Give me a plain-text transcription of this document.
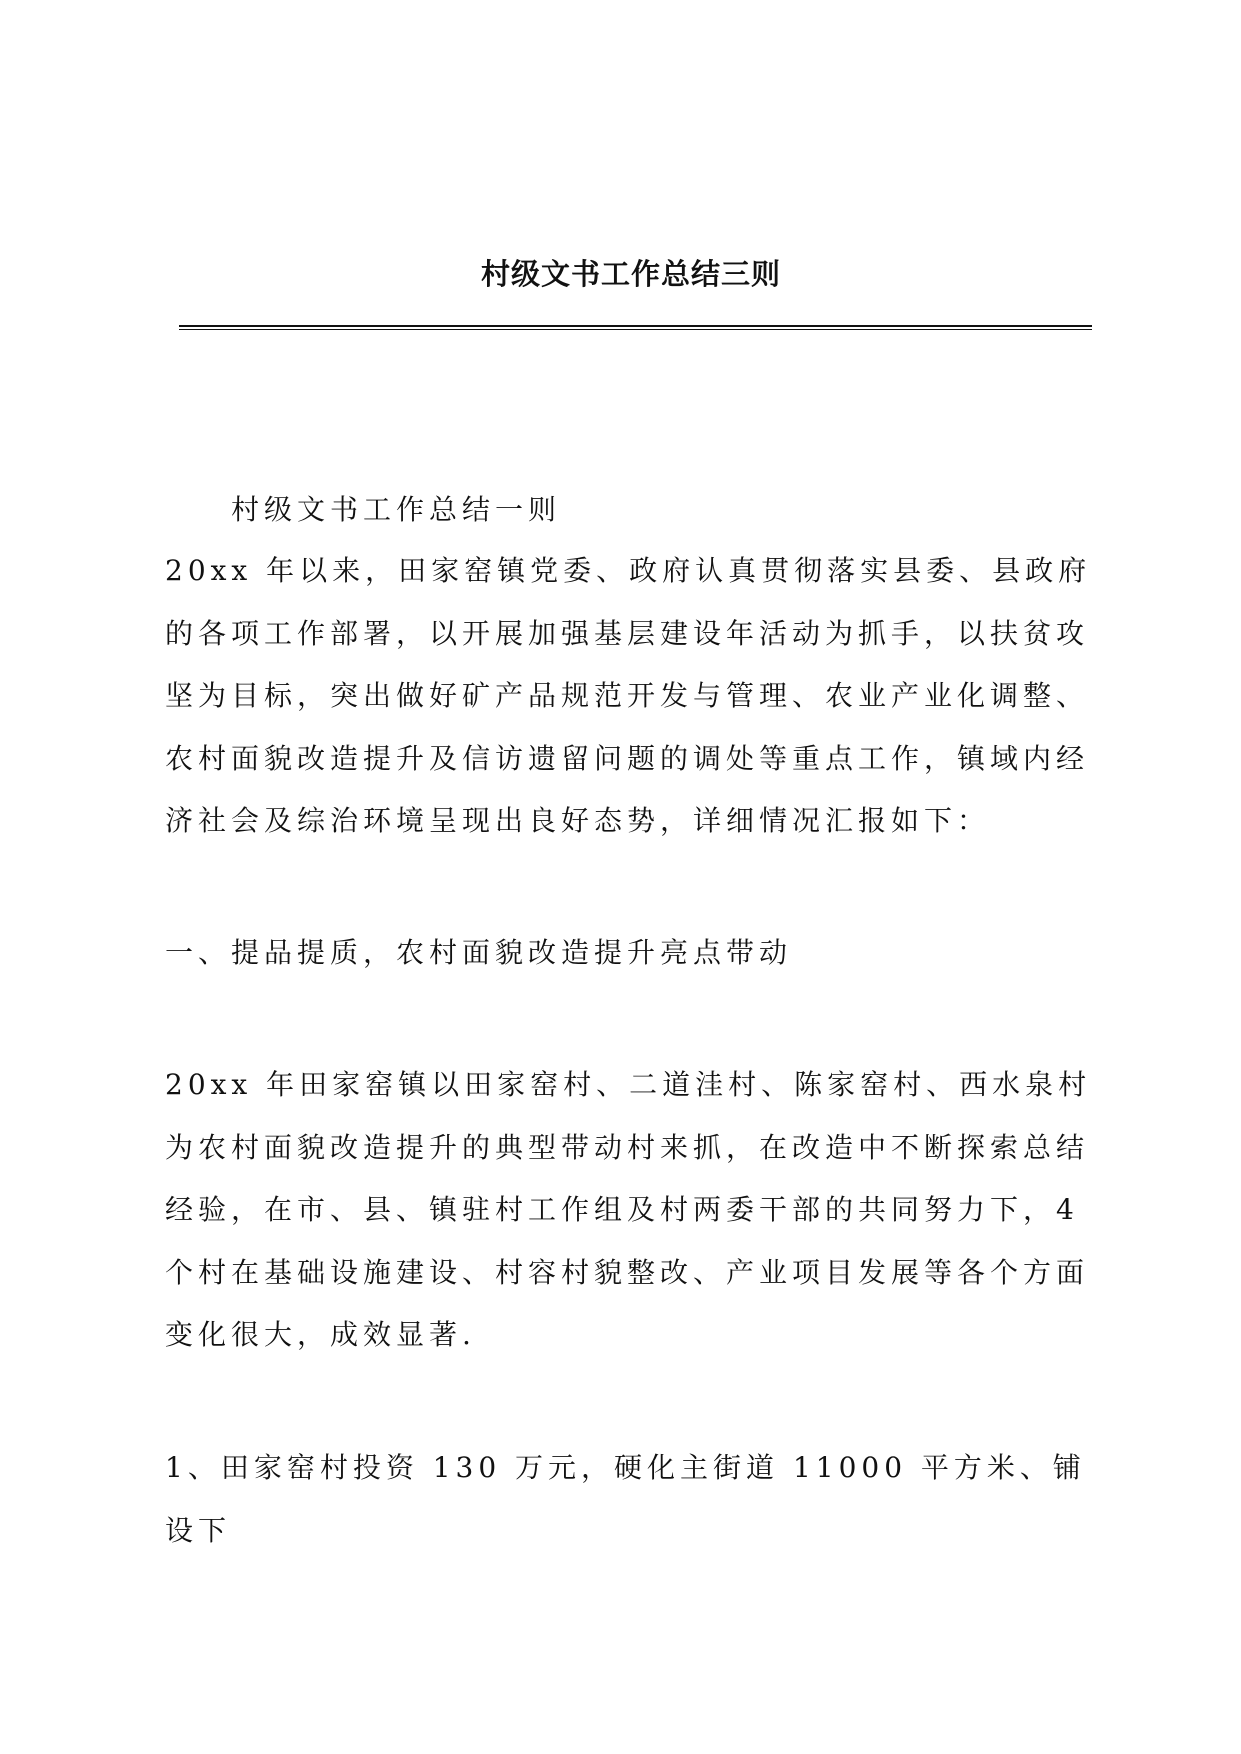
村级文书工作总结三则
村级文书工作总结一则

20xx 年以来，田家窑镇党委、政府认真贯彻落实县委、县政府

的各项工作部署，以开展加强基层建设年活动为抓手，以扶贫攻

坚为目标，突出做好矿产品规范开发与管理、农业产业化调整、

农村面貌改造提升及信访遗留问题的调处等重点工作，镇域内经

济社会及综治环境呈现出良好态势，详细情况汇报如下：

一、提品提质，农村面貌改造提升亮点带动

20xx 年田家窑镇以田家窑村、二道洼村、陈家窑村、西水泉村

为农村面貌改造提升的典型带动村来抓，在改造中不断探索总结

经验，在市、县、镇驻村工作组及村两委干部的共同努力下，4

个村在基础设施建设、村容村貌整改、产业项目发展等各个方面

变化很大，成效显著.

1、田家窑村投资 130 万元，硬化主街道 11000 平方米、铺设下
